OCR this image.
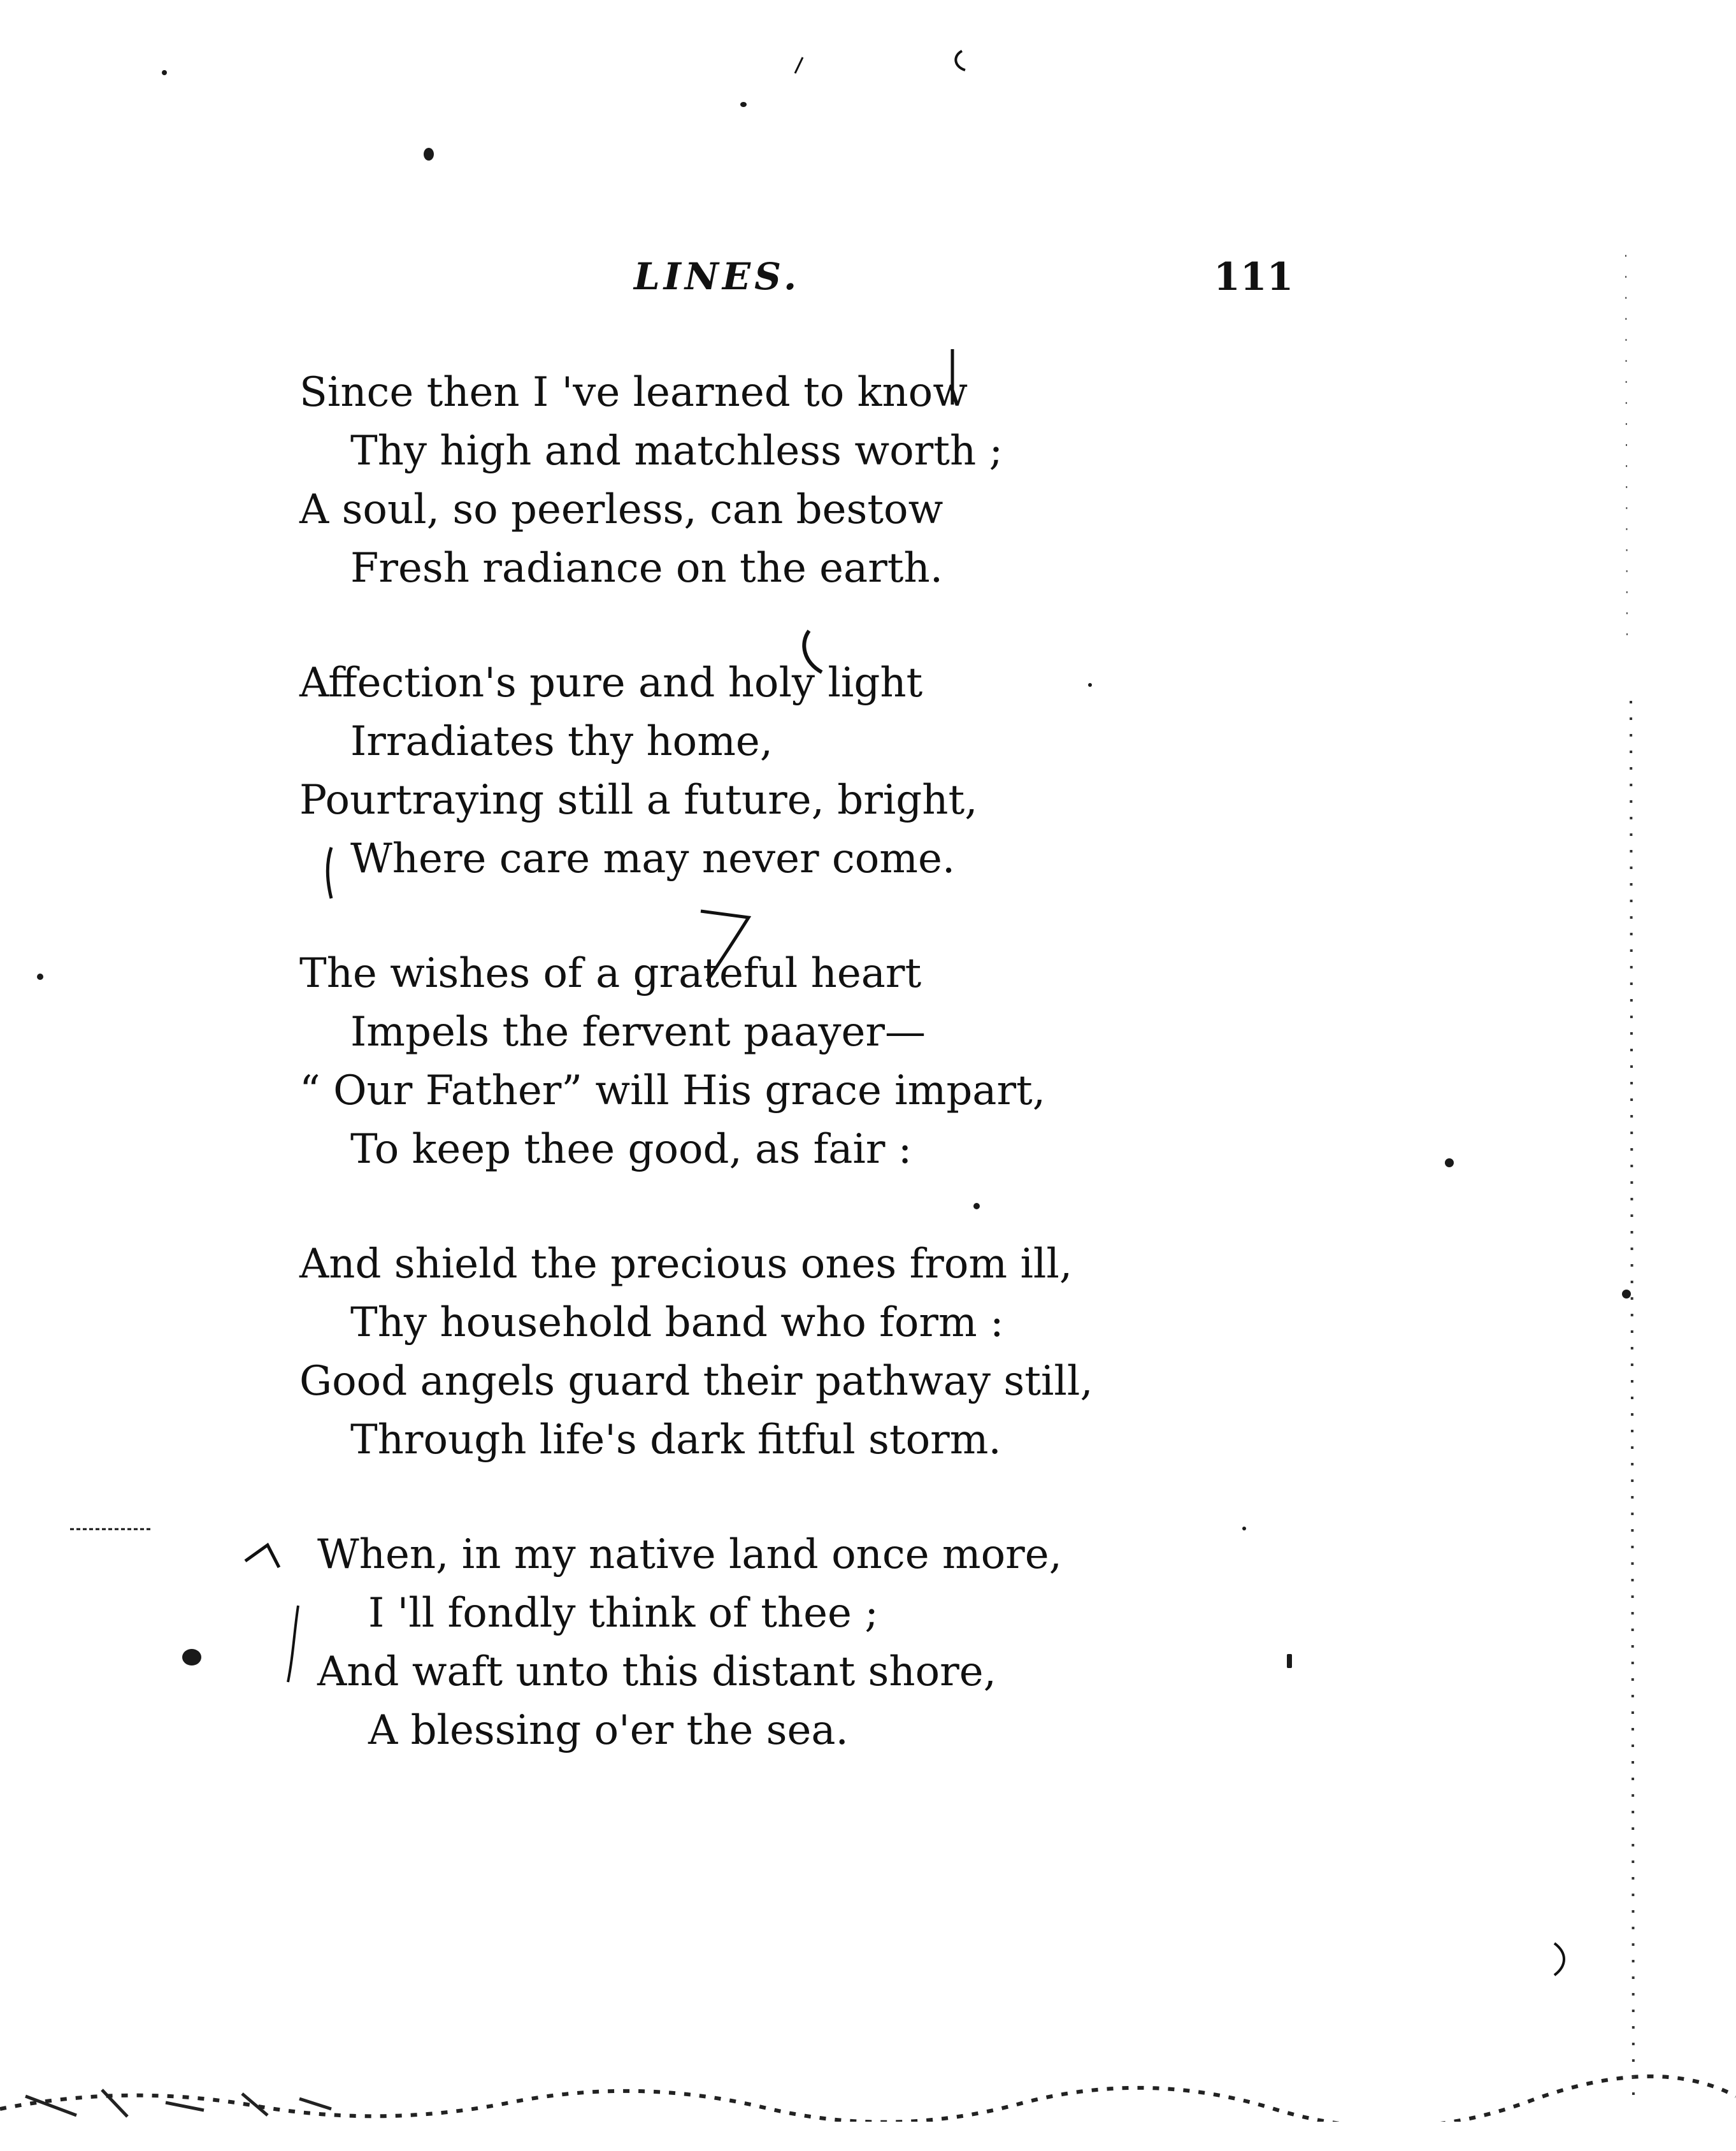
LINES.	111

Since then I 've learned to know
Thy high and matchless worth ;
A soul, so peerless, can bestow
Fresh radiance on the earth.
Affection's pure and holy light
Irradiates thy home,
Pourtraying still a future, bright,
Where care may never come.
The wishes of a grateful heart
Impels the fervent paayer—
“ Our Father” will His grace impart,
To keep thee good, as fair :
And shield the precious ones from ill,
Thy household band who form :
Good angels guard their pathway still,
Through life's dark fitful storm.
When, in my native land once more,
I 'll fondly think of thee ;
And waft unto this distant shore,
A blessing o'er the sea.
